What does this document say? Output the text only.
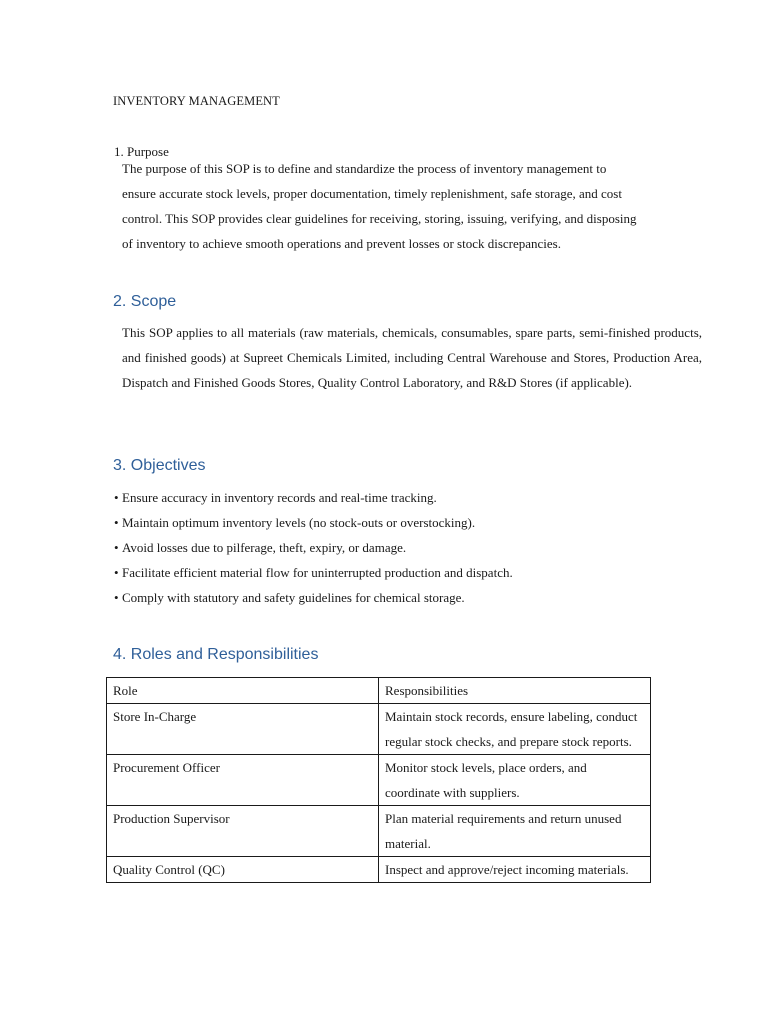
INVENTORY MANAGEMENT
1. Purpose

The purpose of this SOP is to define and standardize the process of inventory management to

ensure accurate stock levels, proper documentation, timely replenishment, safe storage, and cost

control. This SOP provides clear guidelines for receiving, storing, issuing, verifying, and disposing

of inventory to achieve smooth operations and prevent losses or stock discrepancies.

2. Scope

This SOP applies to all materials (raw materials, chemicals, consumables, spare parts, semi-finished products, and finished goods) at Supreet Chemicals Limited, including Central Warehouse and Stores, Production Area, Dispatch and Finished Goods Stores, Quality Control Laboratory, and R&D Stores (if applicable).

3. Objectives
• Ensure accuracy in inventory records and real-time tracking.
• Maintain optimum inventory levels (no stock-outs or overstocking).
• Avoid losses due to pilferage, theft, expiry, or damage.
• Facilitate efficient material flow for uninterrupted production and dispatch.
• Comply with statutory and safety guidelines for chemical storage.
4. Roles and Responsibilities
Role	Responsibilities
Store In-Charge	Maintain stock records, ensure labeling, conduct regular stock checks, and prepare stock reports.
Procurement Officer	Monitor stock levels, place orders, and coordinate with suppliers.
Production Supervisor	Plan material requirements and return unused material.
Quality Control (QC)	Inspect and approve/reject incoming materials.
